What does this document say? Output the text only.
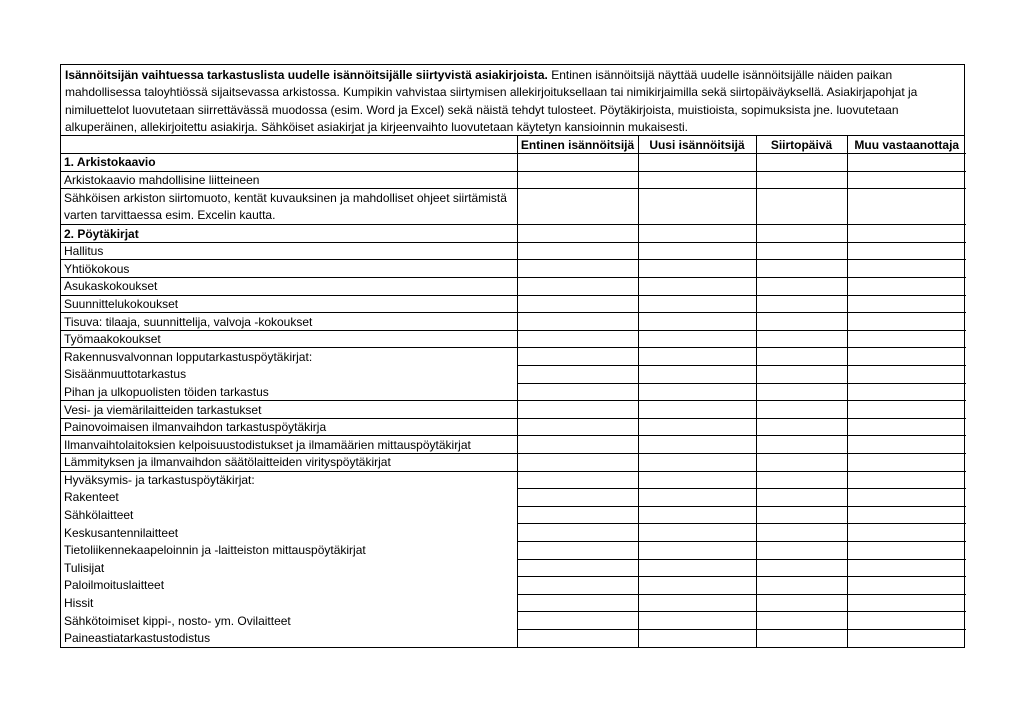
Isännöitsijän vaihtuessa tarkastuslista uudelle isännöitsijälle siirtyvistä asiakirjoista. Entinen isännöitsijä näyttää uudelle isännöitsijälle näiden paikan mahdollisessa taloyhtiössä sijaitsevassa arkistossa. Kumpikin vahvistaa siirtymisen allekirjoituksellaan tai nimikirjaimilla sekä siirtopäiväyksellä. Asiakirjapohjat ja nimiluettelot luovutetaan siirrettävässä muodossa (esim. Word ja Excel) sekä näistä tehdyt tulosteet. Pöytäkirjoista, muistioista, sopimuksista jne. luovutetaan alkuperäinen, allekirjoitettu asiakirja. Sähköiset asiakirjat ja kirjeenvaihto luovutetaan käytetyn kansioinnin mukaisesti.
	Entinen isännöitsijä	Uusi isännöitsijä	Siirtopäivä	Muu vastaanottaja
1. Arkistokaavio				
Arkistokaavio mahdollisine liitteineen				
Sähköisen arkiston siirtomuoto, kentät kuvauksinen ja mahdolliset ohjeet siirtämistä varten tarvittaessa esim. Excelin kautta.				
2. Pöytäkirjat				
Hallitus				
Yhtiökokous				
Asukaskokoukset				
Suunnittelukokoukset				
Tisuva: tilaaja, suunnittelija, valvoja -kokoukset				
Työmaakokoukset				
Rakennusvalvonnan lopputarkastuspöytäkirjat:				
Sisäänmuuttotarkastus				
Pihan ja ulkopuolisten töiden tarkastus				
Vesi- ja viemärilaitteiden tarkastukset				
Painovoimaisen ilmanvaihdon tarkastuspöytäkirja				
Ilmanvaihtolaitoksien kelpoisuustodistukset ja ilmamäärien mittauspöytäkirjat				
Lämmityksen ja ilmanvaihdon säätölaitteiden virityspöytäkirjat				
Hyväksymis- ja tarkastuspöytäkirjat:				
Rakenteet				
Sähkölaitteet				
Keskusantennilaitteet				
Tietoliikennekaapeloinnin ja -laitteiston mittauspöytäkirjat				
Tulisijat				
Paloilmoituslaitteet				
Hissit				
Sähkötoimiset kippi-, nosto- ym. Ovilaitteet				
Paineastiatarkastustodistus				
